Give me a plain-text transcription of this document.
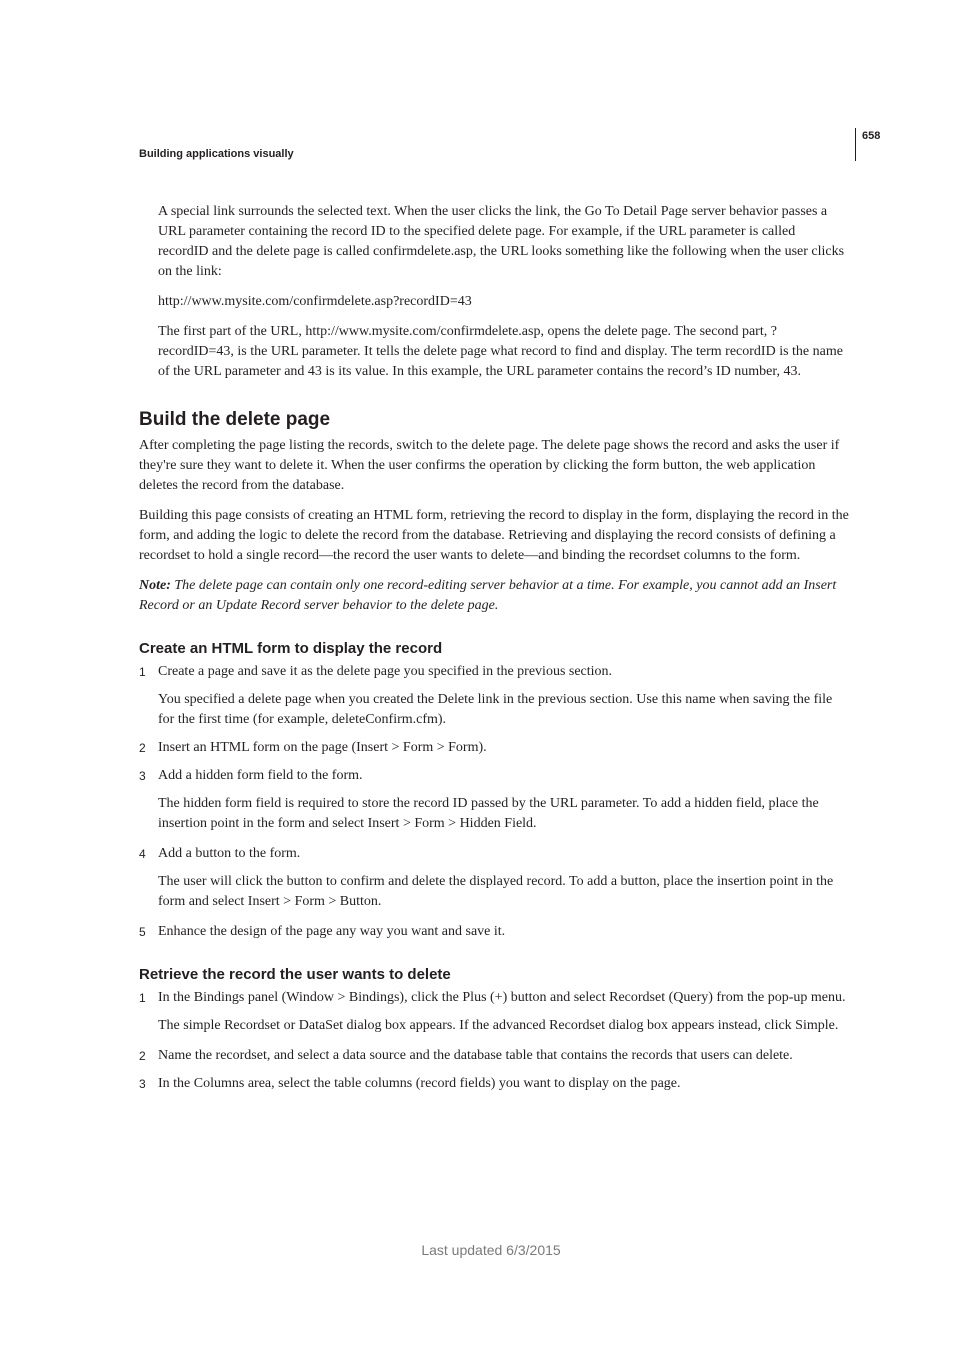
658
Building applications visually

A special link surrounds the selected text. When the user clicks the link, the Go To Detail Page server behavior passes a URL parameter containing the record ID to the specified delete page. For example, if the URL parameter is called recordID and the delete page is called confirmdelete.asp, the URL looks something like the following when the user clicks on the link:

http://www.mysite.com/confirmdelete.asp?recordID=43

The first part of the URL, http://www.mysite.com/confirmdelete.asp, opens the delete page. The second part, ?recordID=43, is the URL parameter. It tells the delete page what record to find and display. The term recordID is the name of the URL parameter and 43 is its value. In this example, the URL parameter contains the record’s ID number, 43.

Build the delete page

After completing the page listing the records, switch to the delete page. The delete page shows the record and asks the user if they're sure they want to delete it. When the user confirms the operation by clicking the form button, the web application deletes the record from the database.

Building this page consists of creating an HTML form, retrieving the record to display in the form, displaying the record in the form, and adding the logic to delete the record from the database. Retrieving and displaying the record consists of defining a recordset to hold a single record—the record the user wants to delete—and binding the recordset columns to the form.

Note: The delete page can contain only one record-editing server behavior at a time. For example, you cannot add an Insert Record or an Update Record server behavior to the delete page.

Create an HTML form to display the record
1 Create a page and save it as the delete page you specified in the previous section.

You specified a delete page when you created the Delete link in the previous section. Use this name when saving the file for the first time (for example, deleteConfirm.cfm).

2 Insert an HTML form on the page (Insert > Form > Form).

3 Add a hidden form field to the form.

The hidden form field is required to store the record ID passed by the URL parameter. To add a hidden field, place the insertion point in the form and select Insert > Form > Hidden Field.

4 Add a button to the form.

The user will click the button to confirm and delete the displayed record. To add a button, place the insertion point in the form and select Insert > Form > Button.

5 Enhance the design of the page any way you want and save it.

Retrieve the record the user wants to delete
1 In the Bindings panel (Window > Bindings), click the Plus (+) button and select Recordset (Query) from the pop-up menu.

The simple Recordset or DataSet dialog box appears. If the advanced Recordset dialog box appears instead, click Simple.

2 Name the recordset, and select a data source and the database table that contains the records that users can delete.

3 In the Columns area, select the table columns (record fields) you want to display on the page.

Last updated 6/3/2015
